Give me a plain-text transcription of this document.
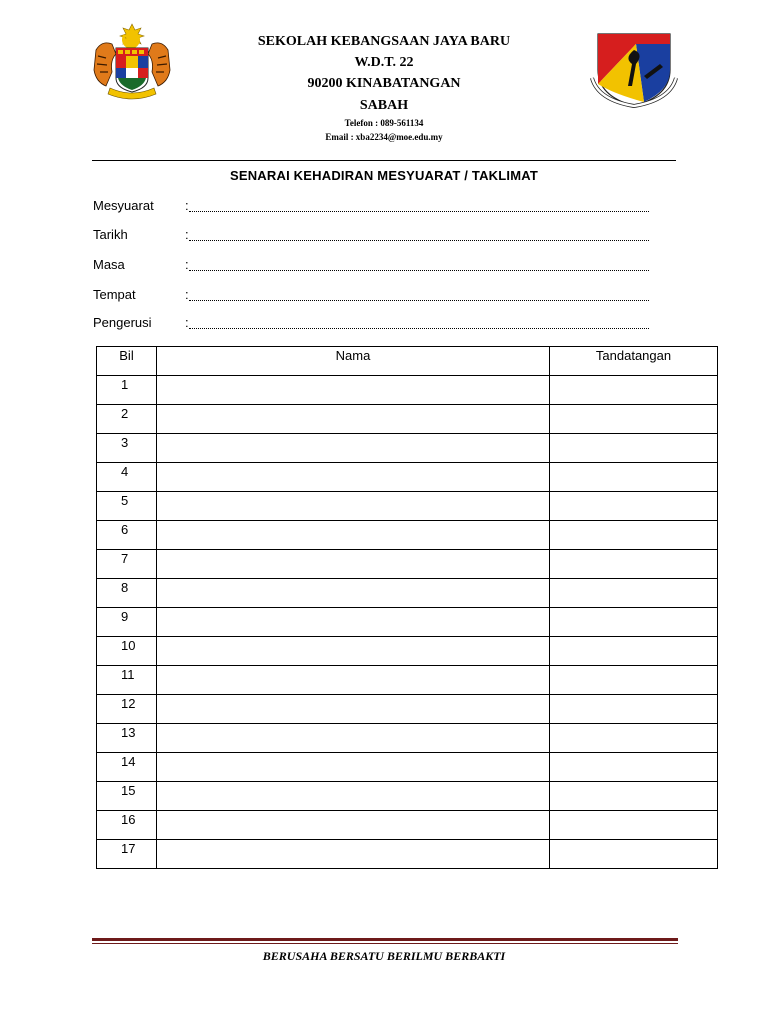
SEKOLAH KEBANGSAAN JAYA BARU
W.D.T. 22
90200 KINABATANGAN
SABAH
Telefon : 089-561134
Email : xba2234@moe.edu.my
SENARAI KEHADIRAN MESYUARAT / TAKLIMAT
Mesyuarat :
Tarikh	:
Masa	:
Tempat	:
Pengerusi	:
Bil	Nama	Tandatangan
1		
2		
3		
4		
5		
6		
7		
8		
9		
10		
11		
12		
13		
14		
15		
16		
17		
BERUSAHA BERSATU BERILMU BERBAKTI
